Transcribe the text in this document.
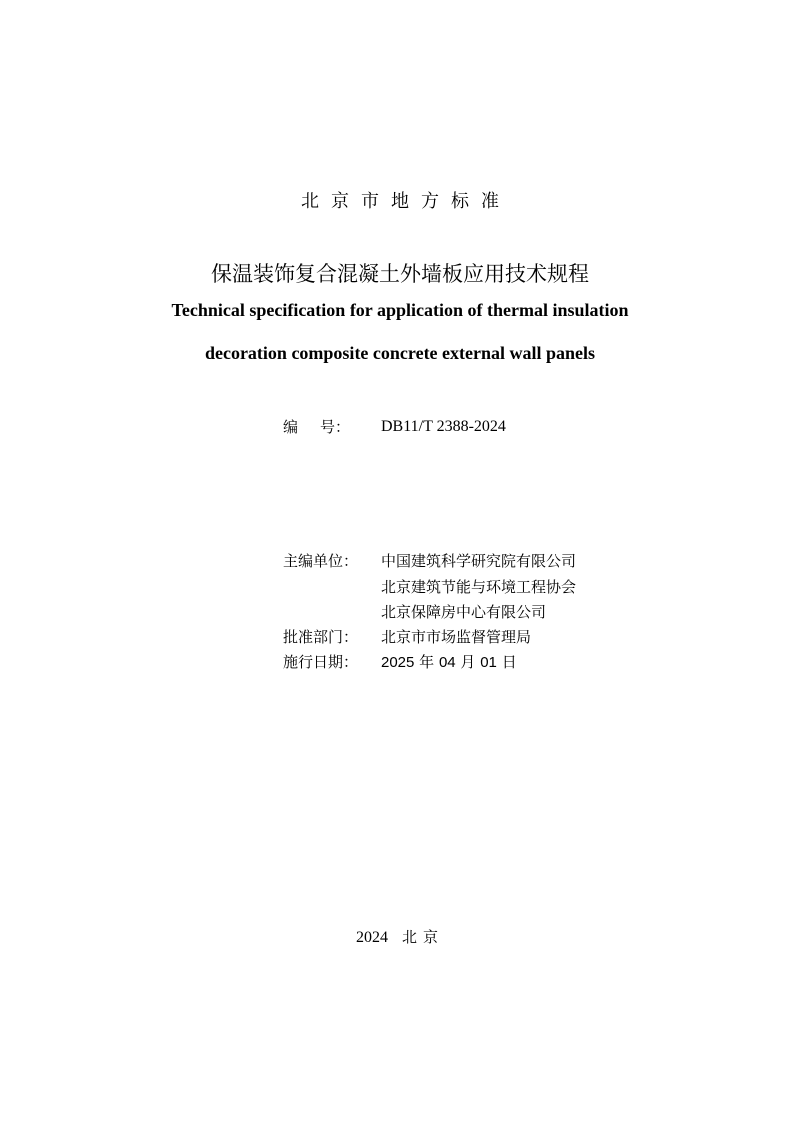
北京市地方标准
保温装饰复合混凝土外墙板应用技术规程
Technical specification for application of thermal insulation
decoration composite concrete external wall panels
编 号： DB11/T 2388-2024
主编单位： 中国建筑科学研究院有限公司
北京建筑节能与环境工程协会
北京保障房中心有限公司
批准部门： 北京市市场监督管理局
施行日期： 2025 年 04 月 01 日
2024 北京
